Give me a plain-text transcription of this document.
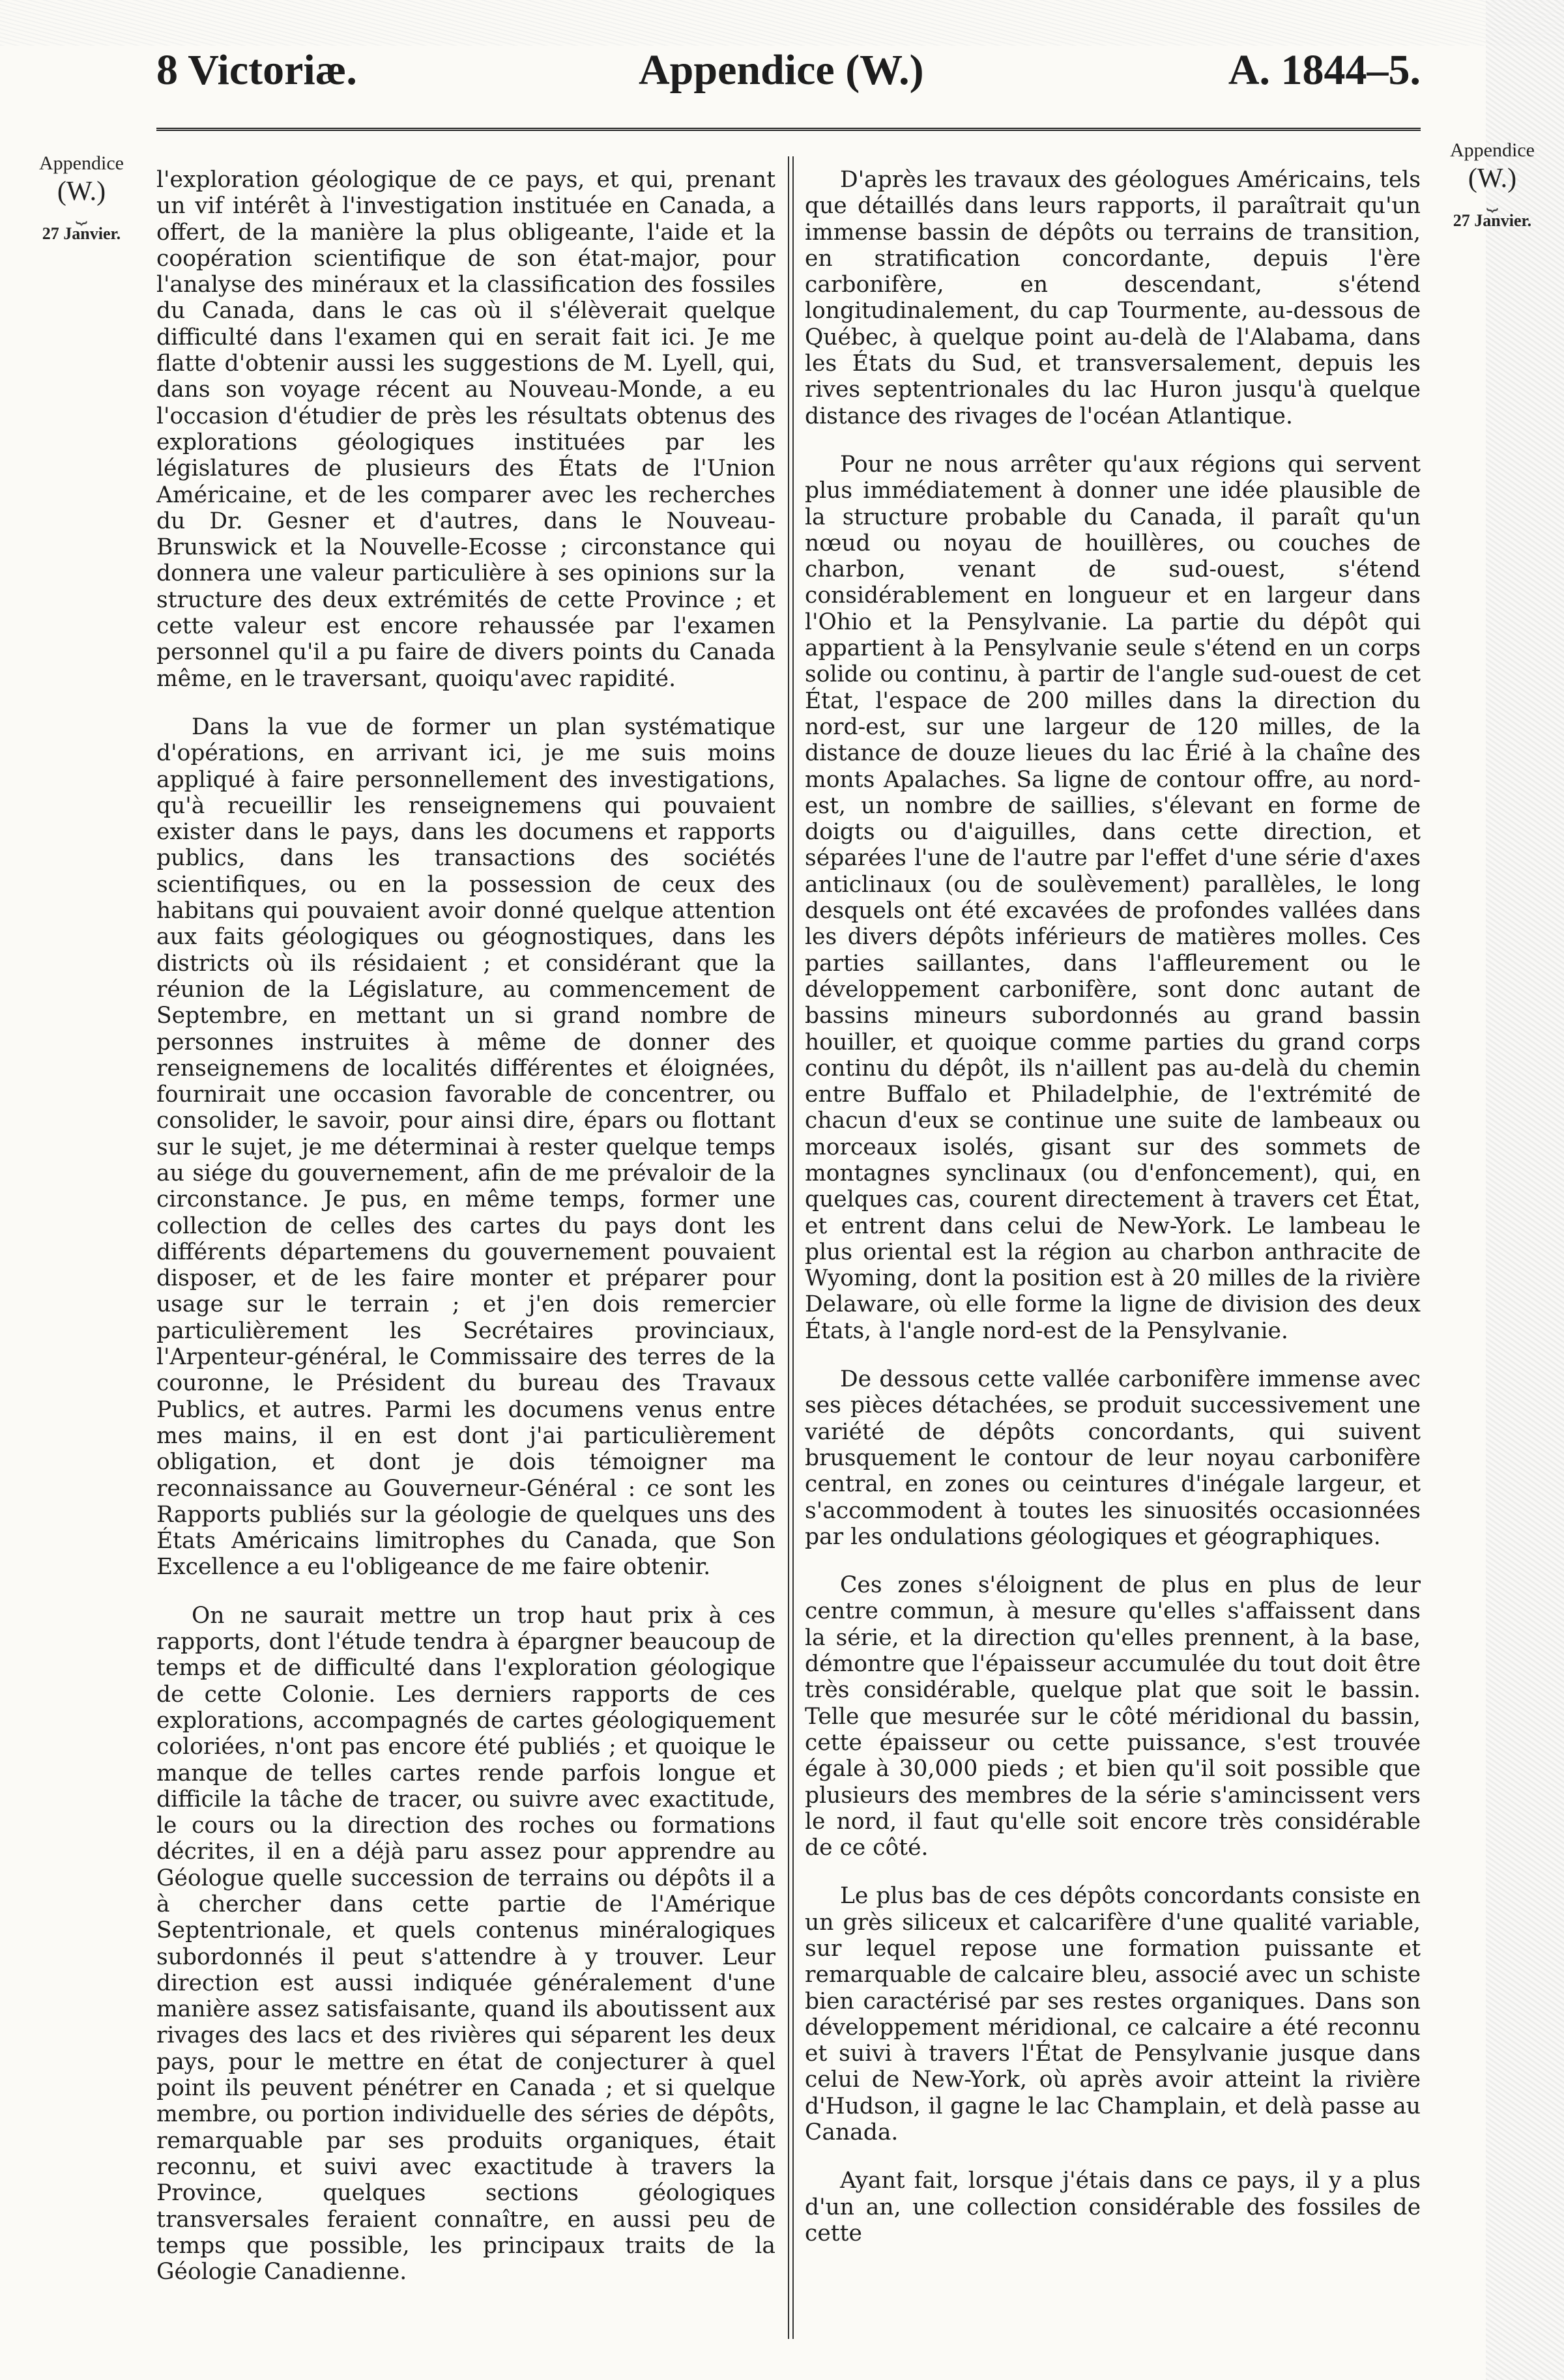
8 Victoriæ.	Appendice (W.)	A. 1844–5.
Appendice
(W.)
⏟
27 Janvier.
Appendice
(W.)
⏟
27 Janvier.

l'exploration géologique de ce pays, et qui, prenant un vif intérêt à l'investigation instituée en Canada, a offert, de la manière la plus obligeante, l'aide et la coopération scientifique de son état-major, pour l'analyse des minéraux et la classification des fossiles du Canada, dans le cas où il s'élèverait quelque difficulté dans l'examen qui en serait fait ici. Je me flatte d'obtenir aussi les suggestions de M. Lyell, qui, dans son voyage récent au Nouveau-Monde, a eu l'occasion d'étudier de près les résultats obtenus des explorations géologiques instituées par les législatures de plusieurs des États de l'Union Américaine, et de les comparer avec les recherches du Dr. Gesner et d'autres, dans le Nouveau-Brunswick et la Nouvelle-Ecosse ; circonstance qui donnera une valeur particulière à ses opinions sur la structure des deux extrémités de cette Province ; et cette valeur est encore rehaussée par l'examen personnel qu'il a pu faire de divers points du Canada même, en le traversant, quoiqu'avec rapidité.

Dans la vue de former un plan systématique d'opérations, en arrivant ici, je me suis moins appliqué à faire personnellement des investigations, qu'à recueillir les renseignemens qui pouvaient exister dans le pays, dans les documens et rapports publics, dans les transactions des sociétés scientifiques, ou en la possession de ceux des habitans qui pouvaient avoir donné quelque attention aux faits géologiques ou géognostiques, dans les districts où ils résidaient ; et considérant que la réunion de la Législature, au commencement de Septembre, en mettant un si grand nombre de personnes instruites à même de donner des renseignemens de localités différentes et éloignées, fournirait une occasion favorable de concentrer, ou consolider, le savoir, pour ainsi dire, épars ou flottant sur le sujet, je me déterminai à rester quelque temps au siége du gouvernement, afin de me prévaloir de la circonstance. Je pus, en même temps, former une collection de celles des cartes du pays dont les différents départemens du gouvernement pouvaient disposer, et de les faire monter et préparer pour usage sur le terrain ; et j'en dois remercier particulièrement les Secrétaires provinciaux, l'Arpenteur-général, le Commissaire des terres de la couronne, le Président du bureau des Travaux Publics, et autres. Parmi les documens venus entre mes mains, il en est dont j'ai particulièrement obligation, et dont je dois témoigner ma reconnaissance au Gouverneur-Général : ce sont les Rapports publiés sur la géologie de quelques uns des États Américains limitrophes du Canada, que Son Excellence a eu l'obligeance de me faire obtenir.

On ne saurait mettre un trop haut prix à ces rapports, dont l'étude tendra à épargner beaucoup de temps et de difficulté dans l'exploration géologique de cette Colonie. Les derniers rapports de ces explorations, accompagnés de cartes géologiquement coloriées, n'ont pas encore été publiés ; et quoique le manque de telles cartes rende parfois longue et difficile la tâche de tracer, ou suivre avec exactitude, le cours ou la direction des roches ou formations décrites, il en a déjà paru assez pour apprendre au Géologue quelle succession de terrains ou dépôts il a à chercher dans cette partie de l'Amérique Septentrionale, et quels contenus minéralogiques subordonnés il peut s'attendre à y trouver. Leur direction est aussi indiquée généralement d'une manière assez satisfaisante, quand ils aboutissent aux rivages des lacs et des rivières qui séparent les deux pays, pour le mettre en état de conjecturer à quel point ils peuvent pénétrer en Canada ; et si quelque membre, ou portion individuelle des séries de dépôts, remarquable par ses produits organiques, était reconnu, et suivi avec exactitude à travers la Province, quelques sections géologiques transversales feraient connaître, en aussi peu de temps que possible, les principaux traits de la Géologie Canadienne.

D'après les travaux des géologues Américains, tels que détaillés dans leurs rapports, il paraîtrait qu'un immense bassin de dépôts ou terrains de transition, en stratification concordante, depuis l'ère carbonifère, en descendant, s'étend longitudinalement, du cap Tourmente, au-dessous de Québec, à quelque point au-delà de l'Alabama, dans les États du Sud, et transversalement, depuis les rives septentrionales du lac Huron jusqu'à quelque distance des rivages de l'océan Atlantique.

Pour ne nous arrêter qu'aux régions qui servent plus immédiatement à donner une idée plausible de la structure probable du Canada, il paraît qu'un nœud ou noyau de houillères, ou couches de charbon, venant de sud-ouest, s'étend considérablement en longueur et en largeur dans l'Ohio et la Pensylvanie. La partie du dépôt qui appartient à la Pensylvanie seule s'étend en un corps solide ou continu, à partir de l'angle sud-ouest de cet État, l'espace de 200 milles dans la direction du nord-est, sur une largeur de 120 milles, de la distance de douze lieues du lac Érié à la chaîne des monts Apalaches. Sa ligne de contour offre, au nord-est, un nombre de saillies, s'élevant en forme de doigts ou d'aiguilles, dans cette direction, et séparées l'une de l'autre par l'effet d'une série d'axes anticlinaux (ou de soulèvement) parallèles, le long desquels ont été excavées de profondes vallées dans les divers dépôts inférieurs de matières molles. Ces parties saillantes, dans l'affleurement ou le développement carbonifère, sont donc autant de bassins mineurs subordonnés au grand bassin houiller, et quoique comme parties du grand corps continu du dépôt, ils n'aillent pas au-delà du chemin entre Buffalo et Philadelphie, de l'extrémité de chacun d'eux se continue une suite de lambeaux ou morceaux isolés, gisant sur des sommets de montagnes synclinaux (ou d'enfoncement), qui, en quelques cas, courent directement à travers cet État, et entrent dans celui de New-York. Le lambeau le plus oriental est la région au charbon anthracite de Wyoming, dont la position est à 20 milles de la rivière Delaware, où elle forme la ligne de division des deux États, à l'angle nord-est de la Pensylvanie.

De dessous cette vallée carbonifère immense avec ses pièces détachées, se produit successivement une variété de dépôts concordants, qui suivent brusquement le contour de leur noyau carbonifère central, en zones ou ceintures d'inégale largeur, et s'accommodent à toutes les sinuosités occasionnées par les ondulations géologiques et géographiques.

Ces zones s'éloignent de plus en plus de leur centre commun, à mesure qu'elles s'affaissent dans la série, et la direction qu'elles prennent, à la base, démontre que l'épaisseur accumulée du tout doit être très considérable, quelque plat que soit le bassin. Telle que mesurée sur le côté méridional du bassin, cette épaisseur ou cette puissance, s'est trouvée égale à 30,000 pieds ; et bien qu'il soit possible que plusieurs des membres de la série s'amincissent vers le nord, il faut qu'elle soit encore très considérable de ce côté.

Le plus bas de ces dépôts concordants consiste en un grès siliceux et calcarifère d'une qualité variable, sur lequel repose une formation puissante et remarquable de calcaire bleu, associé avec un schiste bien caractérisé par ses restes organiques. Dans son développement méridional, ce calcaire a été reconnu et suivi à travers l'État de Pensylvanie jusque dans celui de New-York, où après avoir atteint la rivière d'Hudson, il gagne le lac Champlain, et delà passe au Canada.

Ayant fait, lorsque j'étais dans ce pays, il y a plus d'un an, une collection considérable des fossiles de cette
